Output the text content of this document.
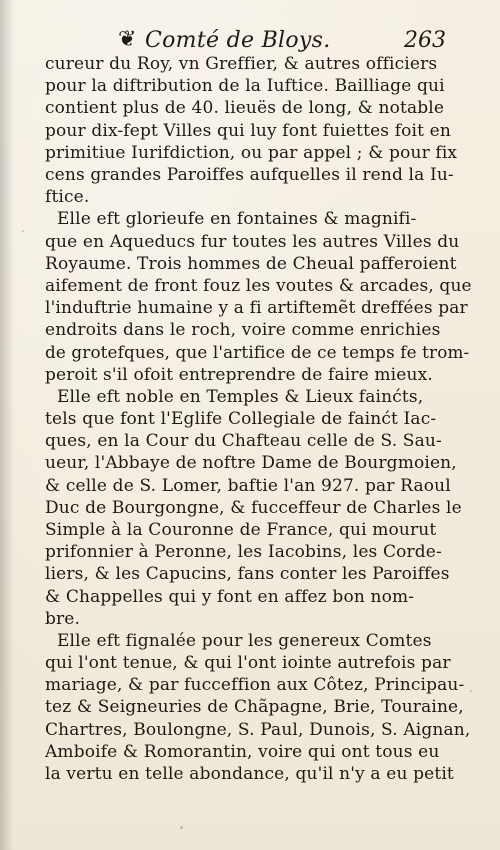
❦ Comté de Bloys.	263
cureur du Roy, vn Greffier, & autres officiers
pour la diftribution de la Iuftice. Bailliage qui
contient plus de 40. lieuës de long, & notable
pour dix-fept Villes qui luy font fuiettes foit en
primitiue Iurifdiction, ou par appel ; & pour fix
cens grandes Paroiffes aufquelles il rend la Iu-
ftice.
Elle eft glorieufe en fontaines & magnifi-
que en Aqueducs fur toutes les autres Villes du
Royaume. Trois hommes de Cheual pafferoient
aifement de front fouz les voutes & arcades, que
l'induftrie humaine y a fi artiftemẽt dreffées par
endroits dans le roch, voire comme enrichies
de grotefques, que l'artifice de ce temps fe trom-
peroit s'il ofoit entreprendre de faire mieux.
Elle eft noble en Temples & Lieux fainćts,
tels que font l'Eglife Collegiale de fainćt Iac-
ques, en la Cour du Chafteau celle de S. Sau-
ueur, l'Abbaye de noftre Dame de Bourgmoien,
& celle de S. Lomer, baftie l'an 927. par Raoul
Duc de Bourgongne, & fucceffeur de Charles le
Simple à la Couronne de France, qui mourut
prifonnier à Peronne, les Iacobins, les Corde-
liers, & les Capucins, fans conter les Paroiffes
& Chappelles qui y font en affez bon nom-
bre.
Elle eft fignalée pour les genereux Comtes
qui l'ont tenue, & qui l'ont iointe autrefois par
mariage, & par fucceffion aux Côtez, Principau-
tez & Seigneuries de Chãpagne, Brie, Touraine,
Chartres, Boulongne, S. Paul, Dunois, S. Aignan,
Amboife & Romorantin, voire qui ont tous eu
la vertu en telle abondance, qu'il n'y a eu petit
